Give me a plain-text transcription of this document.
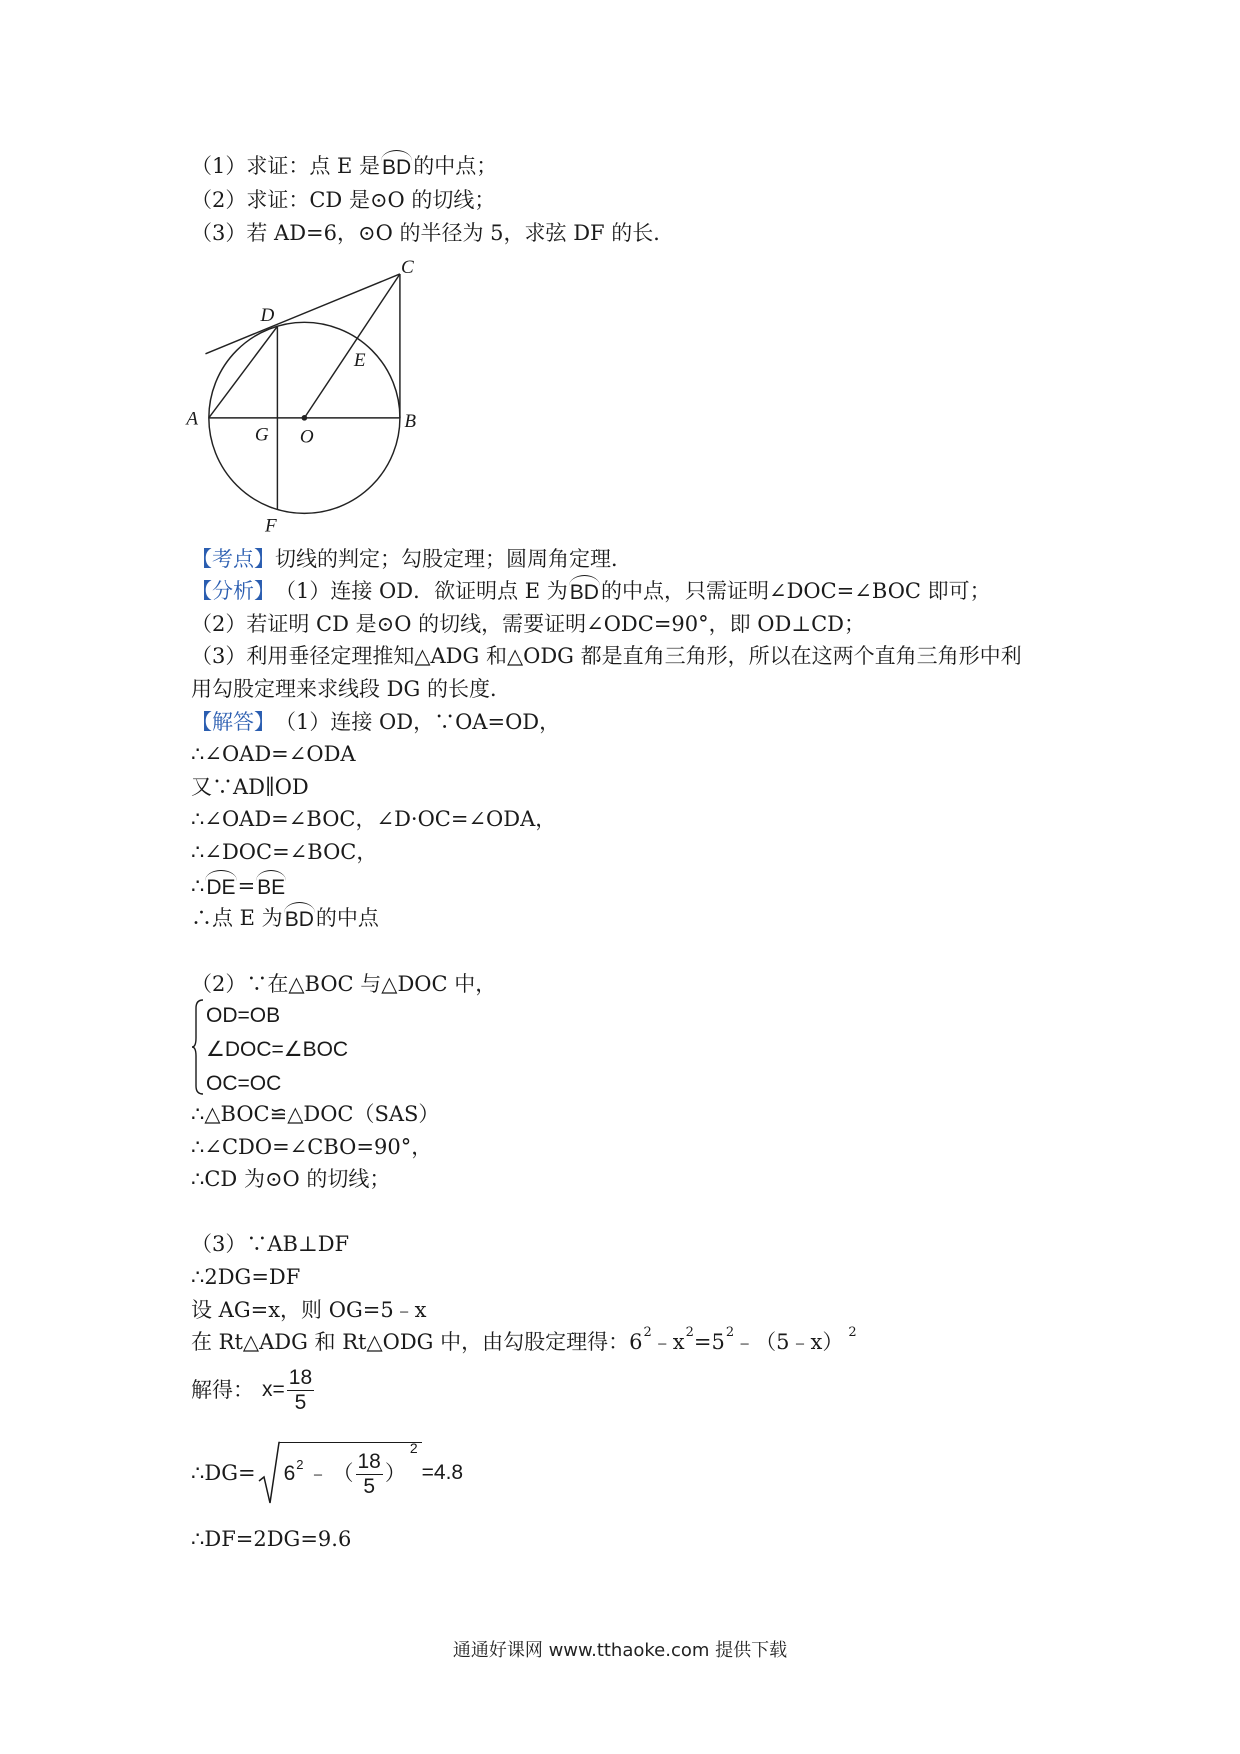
（1）求证：点 E 是 BD 的中点；
（2）求证：CD 是⊙O 的切线；
（3）若 AD=6，⊙O 的半径为 5，求弦 DF 的长．
C
D
E
A
G O
B
F
【考点】 切线的判定；勾股定理；圆周角定理．
【分析】 （1）连接 OD．欲证明点 E 为 BD 的中点，只需证明∠DOC=∠BOC 即可；
（2）若证明 CD 是⊙O 的切线，需要证明∠ODC=90°，即 OD⊥CD；
（3）利用垂径定理推知△ADG 和△ODG 都是直角三角形，所以在这两个直角三角形中利
用勾股定理来求线段 DG 的长度．
【解答】 （1）连接 OD，∵OA=OD，
∴∠OAD=∠ODA
又∵AD∥OD
∴∠OAD=∠BOC，∠D·OC=∠ODA，
∴∠DOC=∠BOC，
∴ DE = BE
∴点 E 为 BD 的中点
（2）∵在△BOC 与△DOC 中，
OD=OB
∠DOC=∠BOC
OC=OC
∴△BOC≌△DOC（SAS）
∴∠CDO=∠CBO=90°，
∴CD 为⊙O 的切线；
（3）∵AB⊥DF
∴2DG=DF
设 AG=x，则 OG=5﹣x
在 Rt△ADG 和 Rt△ODG 中，由勾股定理得： 6 2 ﹣x 2 =5 2 ﹣（5﹣x） 2
解得： $x= \frac{18}{5}$
∴DG= 6 2 ﹣ （ $\frac{18}{5}$ ）
2
=4.8
∴DF=2DG=9.6
通通好课网 www.tthaoke.com 提供下载
